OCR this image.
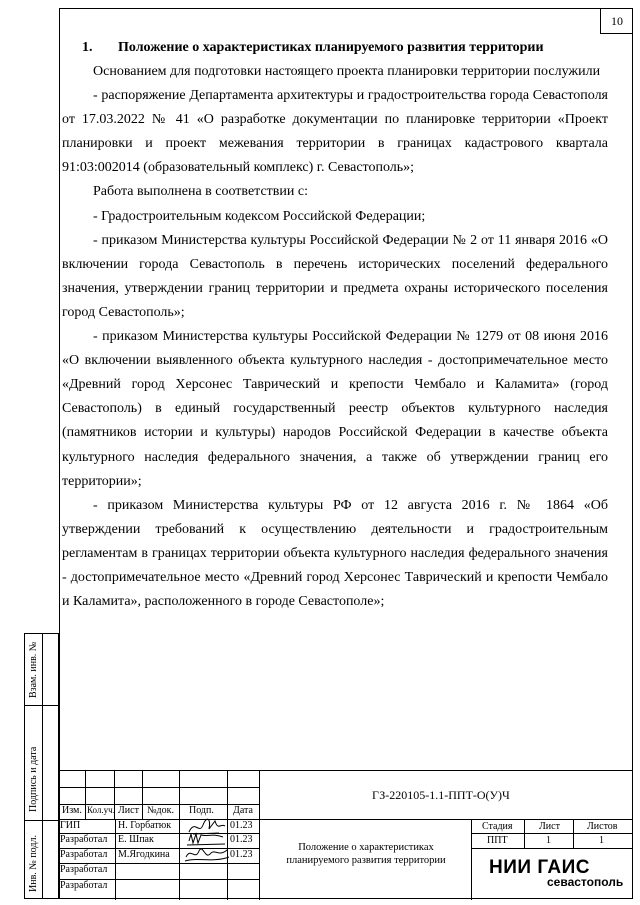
10
1. Положение о характеристиках планируемого развития территории

Основанием для подготовки настоящего проекта планировки территории послужили

- распоряжение Департамента архитектуры и градостроительства города Севастополя от 17.03.2022 № 41 «О разработке документации по планировке территории «Проект планировки и проект межевания территории в границах кадастрового квартала 91:03:002014 (образовательный комплекс) г. Севастополь»;

Работа выполнена в соответствии с:

- Градостроительным кодексом Российской Федерации;

- приказом Министерства культуры Российской Федерации № 2 от 11 января 2016 «О включении города Севастополь в перечень исторических поселений федерального значения, утверждении границ территории и предмета охраны исторического поселения город Севастополь»;

- приказом Министерства культуры Российской Федерации № 1279 от 08 июня 2016 «О включении выявленного объекта культурного наследия - достопримечательное место «Древний город Херсонес Таврический и крепости Чембало и Каламита» (город Севастополь) в единый государственный реестр объектов культурного наследия (памятников истории и культуры) народов Российской Федерации в качестве объекта культурного наследия федерального значения, а также об утверждении границ его территории»;

- приказом Министерства культуры РФ от 12 августа 2016 г. № 1864 «Об утверждении требований к осуществлению деятельности и градостроительным регламентам в границах территории объекта культурного наследия федерального значения - достопримечательное место «Древний город Херсонес Таврический и крепости Чембало и Каламита», расположенного в городе Севастополе»;

Взам. инв. №
Подпись и дата
Инв. № подл.
Изм. Кол.уч. Лист №док. Подп. Дата
ГИП	Н. Горбатюк	01.23
Разработал Е. Шпак	01.23
Разработал М.Ягодкина	01.23
Разработал
Разработал
ГЗ-220105-1.1-ППТ-О(У)Ч
Положение о характеристиках планируемого развития территории
Стадия	Лист	Листов
ППТ	1	1
НИИ ГАИС
севастополь
